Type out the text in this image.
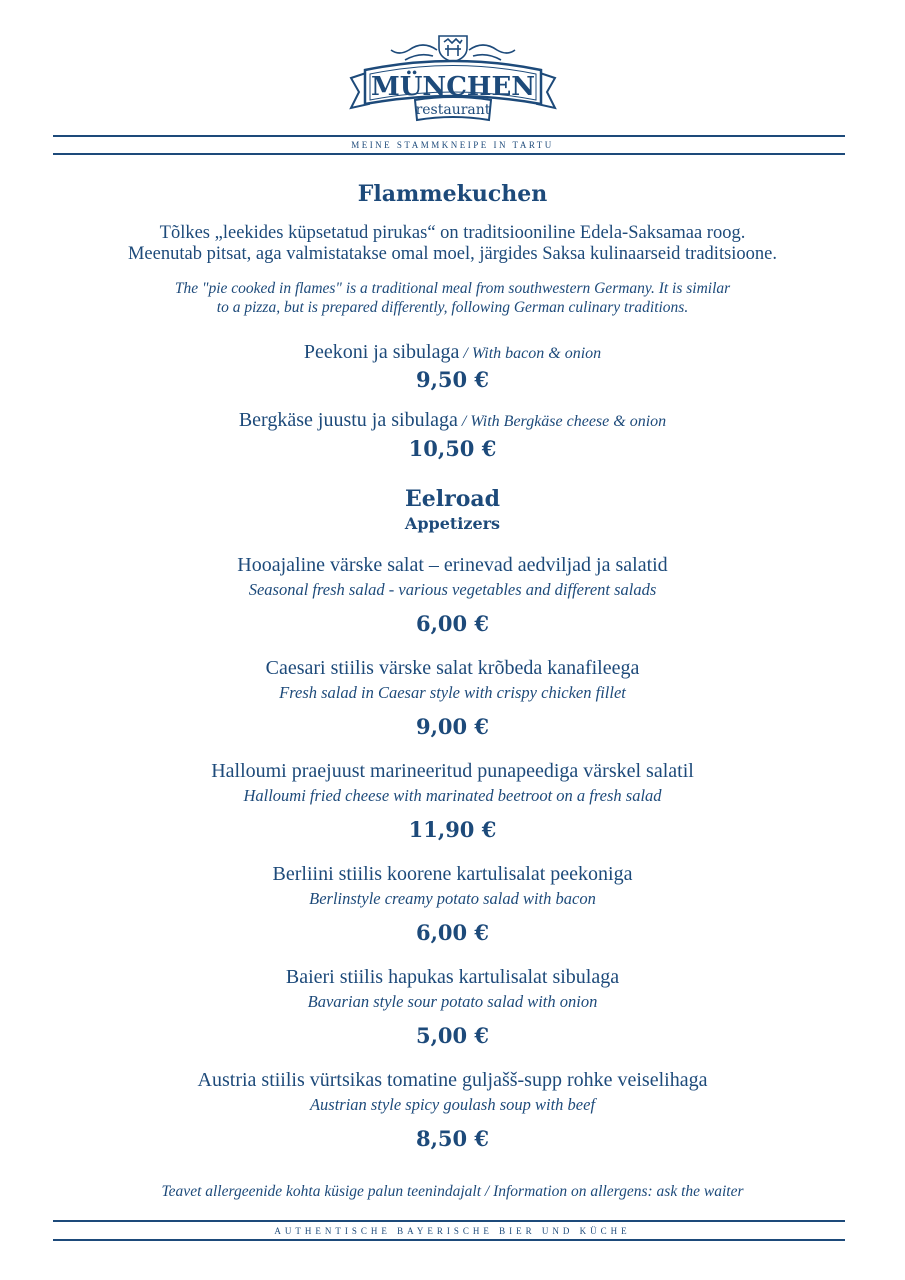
MÜNCHEN
restaurant
MEINE STAMMKNEIPE IN TARTU
Flammekuchen
Tõlkes „leekides küpsetatud pirukas“ on traditsiooniline Edela-Saksamaa roog.
Meenutab pitsat, aga valmistatakse omal moel, järgides Saksa kulinaarseid traditsioone.
The "pie cooked in flames" is a traditional meal from southwestern Germany. It is similar
to a pizza, but is prepared differently, following German culinary traditions.
Peekoni ja sibulaga / With bacon & onion
9,50 €
Bergkäse juustu ja sibulaga / With Bergkäse cheese & onion
10,50 €
Eelroad
Appetizers
Hooajaline värske salat – erinevad aedviljad ja salatid
Seasonal fresh salad - various vegetables and different salads
6,00 €
Caesari stiilis värske salat krõbeda kanafileega
Fresh salad in Caesar style with crispy chicken fillet
9,00 €
Halloumi praejuust marineeritud punapeediga värskel salatil
Halloumi fried cheese with marinated beetroot on a fresh salad
11,90 €
Berliini stiilis koorene kartulisalat peekoniga
Berlinstyle creamy potato salad with bacon
6,00 €
Baieri stiilis hapukas kartulisalat sibulaga
Bavarian style sour potato salad with onion
5,00 €
Austria stiilis vürtsikas tomatine guljašš-supp rohke veiselihaga
Austrian style spicy goulash soup with beef
8,50 €
Teavet allergeenide kohta küsige palun teenindajalt / Information on allergens: ask the waiter
AUTHENTISCHE BAYERISCHE BIER UND KÜCHE
